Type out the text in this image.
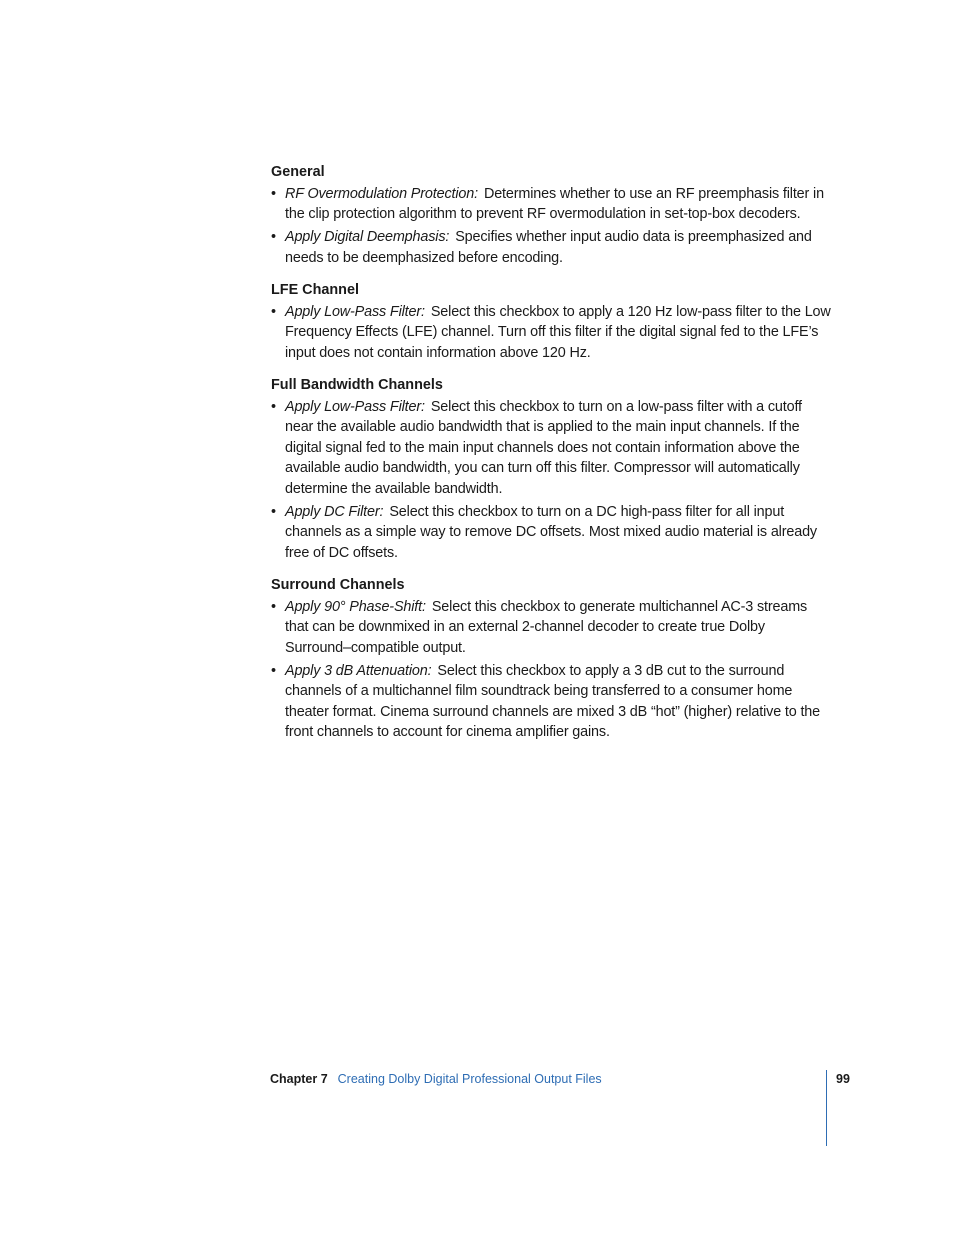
General
• RF Overmodulation Protection: Determines whether to use an RF preemphasis filter in the clip protection algorithm to prevent RF overmodulation in set-top-box decoders.
• Apply Digital Deemphasis: Specifies whether input audio data is preemphasized and needs to be deemphasized before encoding.
LFE Channel
• Apply Low-Pass Filter: Select this checkbox to apply a 120 Hz low-pass filter to the Low Frequency Effects (LFE) channel. Turn off this filter if the digital signal fed to the LFE’s input does not contain information above 120 Hz.
Full Bandwidth Channels
• Apply Low-Pass Filter: Select this checkbox to turn on a low-pass filter with a cutoff near the available audio bandwidth that is applied to the main input channels. If the digital signal fed to the main input channels does not contain information above the available audio bandwidth, you can turn off this filter. Compressor will automatically determine the available bandwidth.
• Apply DC Filter: Select this checkbox to turn on a DC high-pass filter for all input channels as a simple way to remove DC offsets. Most mixed audio material is already free of DC offsets.
Surround Channels
• Apply 90° Phase-Shift: Select this checkbox to generate multichannel AC-3 streams that can be downmixed in an external 2-channel decoder to create true Dolby Surround–compatible output.
• Apply 3 dB Attenuation: Select this checkbox to apply a 3 dB cut to the surround channels of a multichannel film soundtrack being transferred to a consumer home theater format. Cinema surround channels are mixed 3 dB “hot” (higher) relative to the front channels to account for cinema amplifier gains.
Chapter 7 Creating Dolby Digital Professional Output Files	99
